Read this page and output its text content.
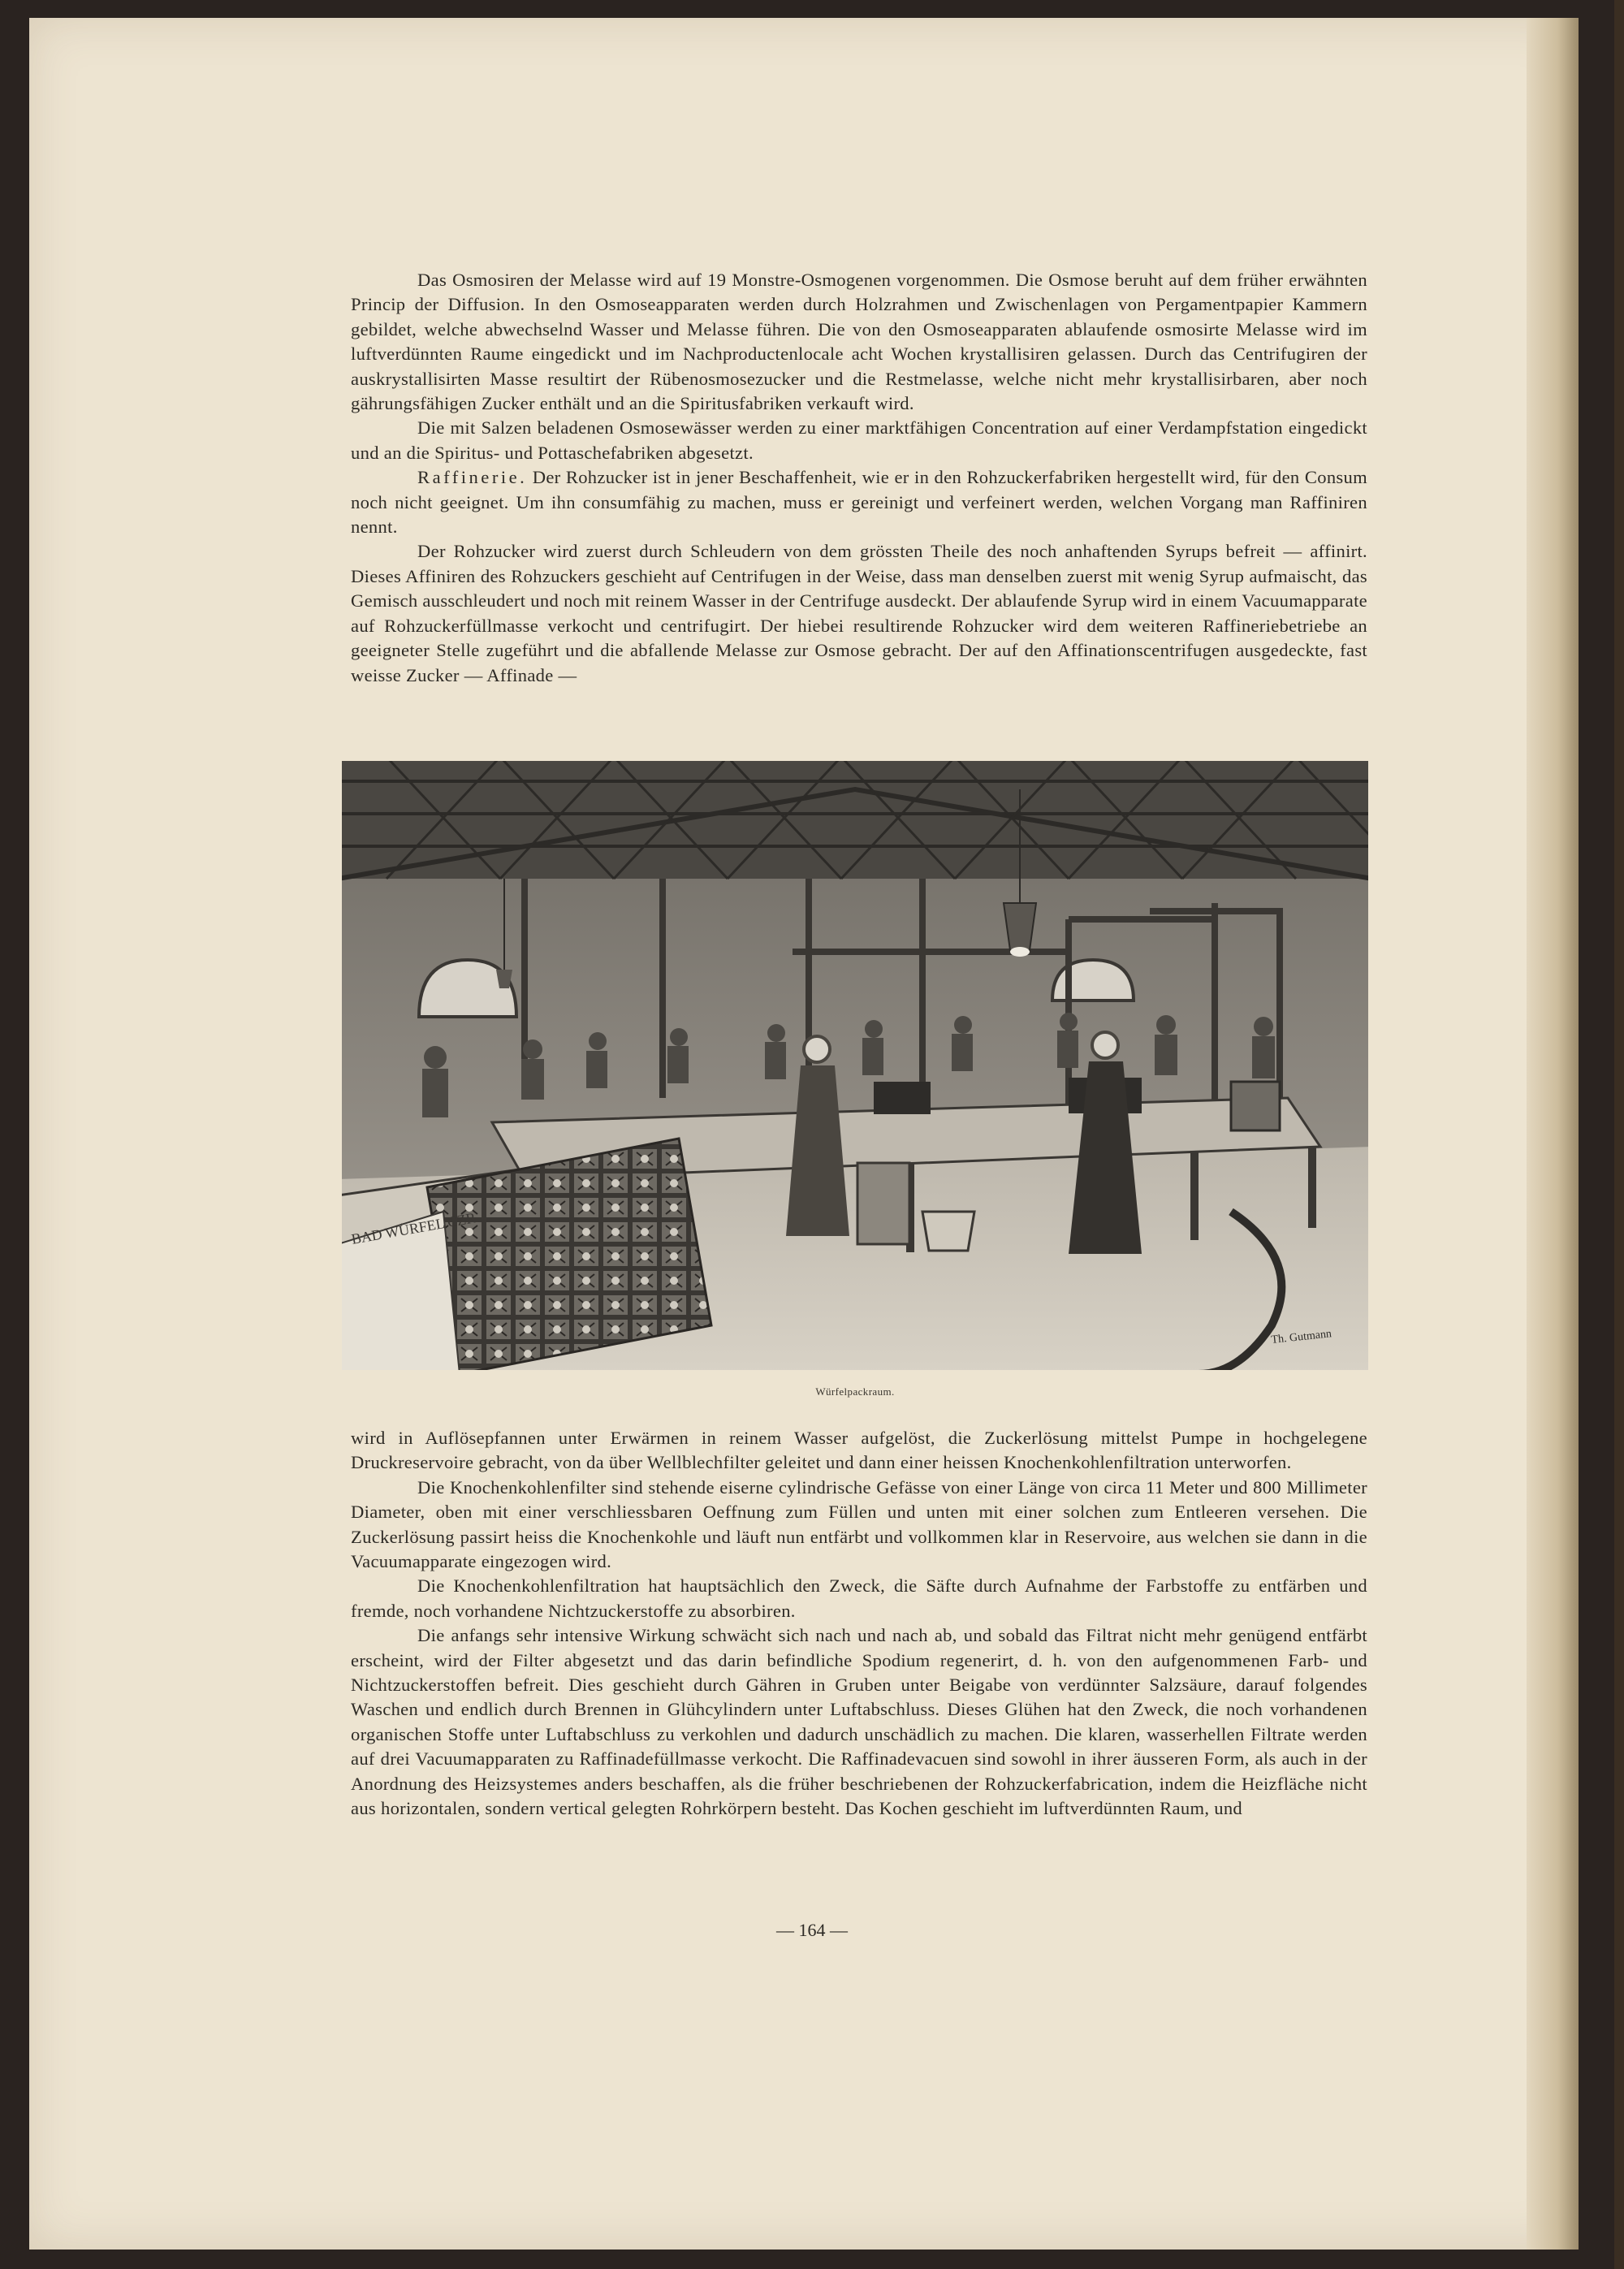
Das Osmosiren der Melasse wird auf 19 Monstre-Osmogenen vorgenommen. Die Osmose beruht auf dem früher erwähnten Princip der Diffusion. In den Osmoseapparaten werden durch Holzrahmen und Zwischenlagen von Pergamentpapier Kammern gebildet, welche abwechselnd Wasser und Melasse führen. Die von den Osmoseapparaten ablaufende osmosirte Melasse wird im luftverdünnten Raume eingedickt und im Nachproductenlocale acht Wochen krystallisiren gelassen. Durch das Centrifugiren der auskrystallisirten Masse resultirt der Rübenosmosezucker und die Restmelasse, welche nicht mehr krystallisirbaren, aber noch gährungsfähigen Zucker enthält und an die Spiritusfabriken verkauft wird.

Die mit Salzen beladenen Osmosewässer werden zu einer marktfähigen Concentration auf einer Verdampfstation eingedickt und an die Spiritus- und Pottaschefabriken abgesetzt.

Raffinerie. Der Rohzucker ist in jener Beschaffenheit, wie er in den Rohzuckerfabriken hergestellt wird, für den Consum noch nicht geeignet. Um ihn consumfähig zu machen, muss er gereinigt und verfeinert werden, welchen Vorgang man Raffiniren nennt.

Der Rohzucker wird zuerst durch Schleudern von dem grössten Theile des noch anhaftenden Syrups befreit — affinirt. Dieses Affiniren des Rohzuckers geschieht auf Centrifugen in der Weise, dass man denselben zuerst mit wenig Syrup aufmaischt, das Gemisch ausschleudert und noch mit reinem Wasser in der Centrifuge ausdeckt. Der ablaufende Syrup wird in einem Vacuumapparate auf Rohzuckerfüllmasse verkocht und centrifugirt. Der hiebei resultirende Rohzucker wird dem weiteren Raffineriebetriebe an geeigneter Stelle zugeführt und die abfallende Melasse zur Osmose gebracht. Der auf den Affinationscentrifugen ausgedeckte, fast weisse Zucker — Affinade —

BAD WÜRFEL CZR.
Th. Gutmann
Würfelpackraum.

wird in Auflösepfannen unter Erwärmen in reinem Wasser aufgelöst, die Zuckerlösung mittelst Pumpe in hochgelegene Druckreservoire gebracht, von da über Wellblechfilter geleitet und dann einer heissen Knochenkohlenfiltration unterworfen.

Die Knochenkohlenfilter sind stehende eiserne cylindrische Gefässe von einer Länge von circa 11 Meter und 800 Millimeter Diameter, oben mit einer verschliessbaren Oeffnung zum Füllen und unten mit einer solchen zum Entleeren versehen. Die Zuckerlösung passirt heiss die Knochenkohle und läuft nun entfärbt und vollkommen klar in Reservoire, aus welchen sie dann in die Vacuumapparate eingezogen wird.

Die Knochenkohlenfiltration hat hauptsächlich den Zweck, die Säfte durch Aufnahme der Farbstoffe zu entfärben und fremde, noch vorhandene Nichtzuckerstoffe zu absorbiren.

Die anfangs sehr intensive Wirkung schwächt sich nach und nach ab, und sobald das Filtrat nicht mehr genügend entfärbt erscheint, wird der Filter abgesetzt und das darin befindliche Spodium regenerirt, d. h. von den aufgenommenen Farb- und Nichtzuckerstoffen befreit. Dies geschieht durch Gähren in Gruben unter Beigabe von verdünnter Salzsäure, darauf folgendes Waschen und endlich durch Brennen in Glühcylindern unter Luftabschluss. Dieses Glühen hat den Zweck, die noch vorhandenen organischen Stoffe unter Luftabschluss zu verkohlen und dadurch unschädlich zu machen. Die klaren, wasserhellen Filtrate werden auf drei Vacuumapparaten zu Raffinadefüllmasse verkocht. Die Raffinadevacuen sind sowohl in ihrer äusseren Form, als auch in der Anordnung des Heizsystemes anders beschaffen, als die früher beschriebenen der Rohzuckerfabrication, indem die Heizfläche nicht aus horizontalen, sondern vertical gelegten Rohrkörpern besteht. Das Kochen geschieht im luftverdünnten Raum, und

— 164 —
